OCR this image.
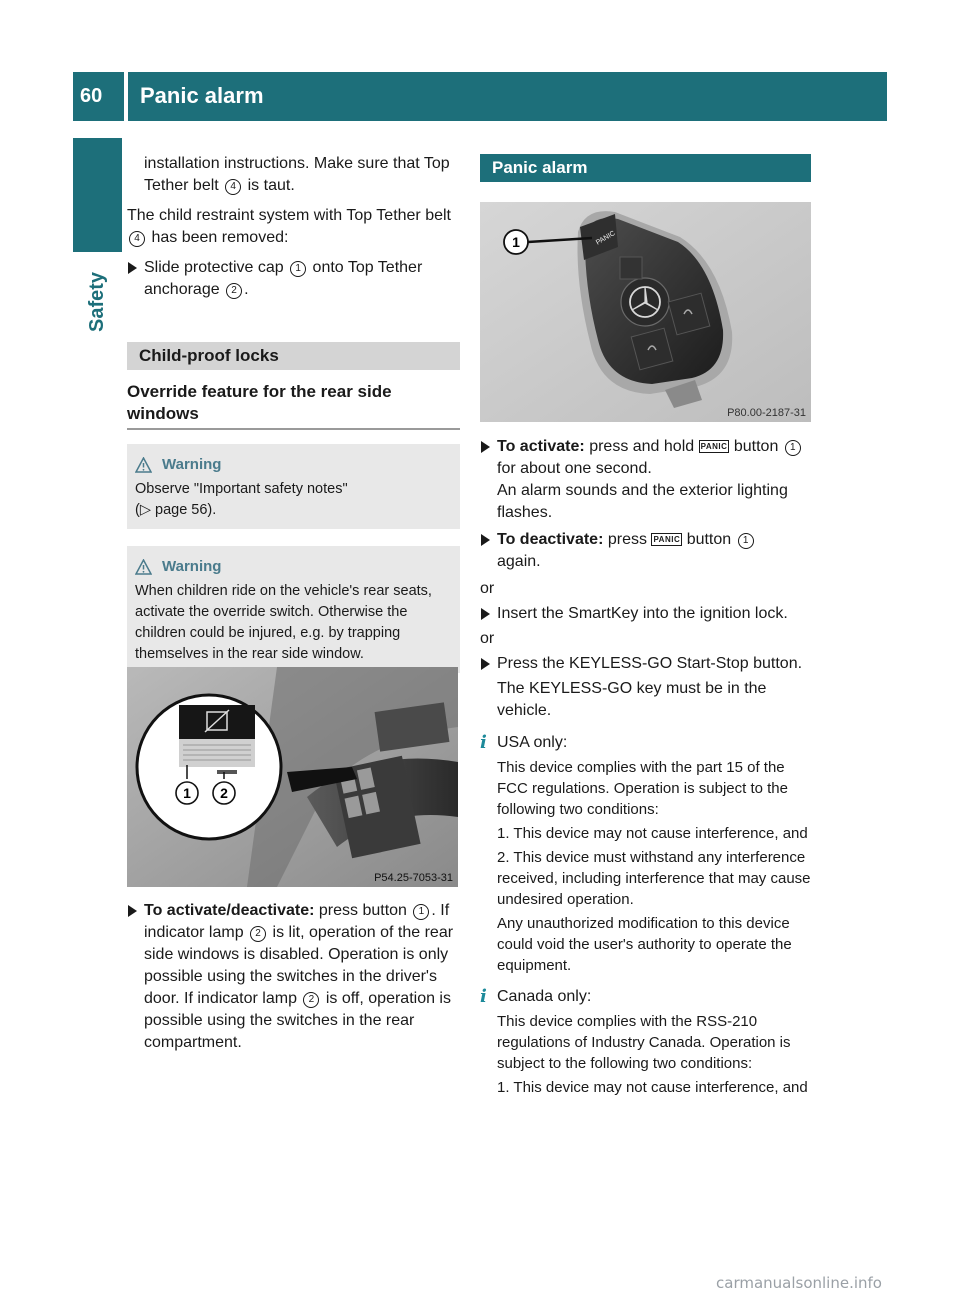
60	Panic alarm
Safety

installation instructions. Make sure that Top Tether belt 4 is taut.

The child restraint system with Top Tether belt 4 has been removed:

Slide protective cap 1 onto Top Tether anchorage 2 .

Child-proof locks
Override feature for the rear side windows
Warning
Observe "Important safety notes"
(▷ page 56).
Warning
When children ride on the vehicle's rear seats, activate the override switch. Otherwise the children could be injured, e.g. by trapping themselves in the rear side window.
1 2
P54.25-7053-31

To activate/deactivate: press button 1 . If indicator lamp 2 is lit, operation of the rear side windows is disabled. Operation is only possible using the switches in the driver's door. If indicator lamp 2 is off, operation is possible using the switches in the rear compartment.

Panic alarm
PANIC
1
P80.00-2187-31

To activate: press and hold PANIC button 1 for about one second.
An alarm sounds and the exterior lighting flashes.

To deactivate: press PANIC button 1
again.

or

Insert the SmartKey into the ignition lock.

or

Press the KEYLESS-GO Start-Stop button.

The KEYLESS-GO key must be in the vehicle.

i USA only:

This device complies with the part 15 of the FCC regulations. Operation is subject to the following two conditions:

1. This device may not cause interference, and

2. This device must withstand any interference received, including interference that may cause undesired operation.

Any unauthorized modification to this device could void the user's authority to operate the equipment.

i Canada only:

This device complies with the RSS-210 regulations of Industry Canada. Operation is subject to the following two conditions:

1. This device may not cause interference, and

carmanualsonline.info
